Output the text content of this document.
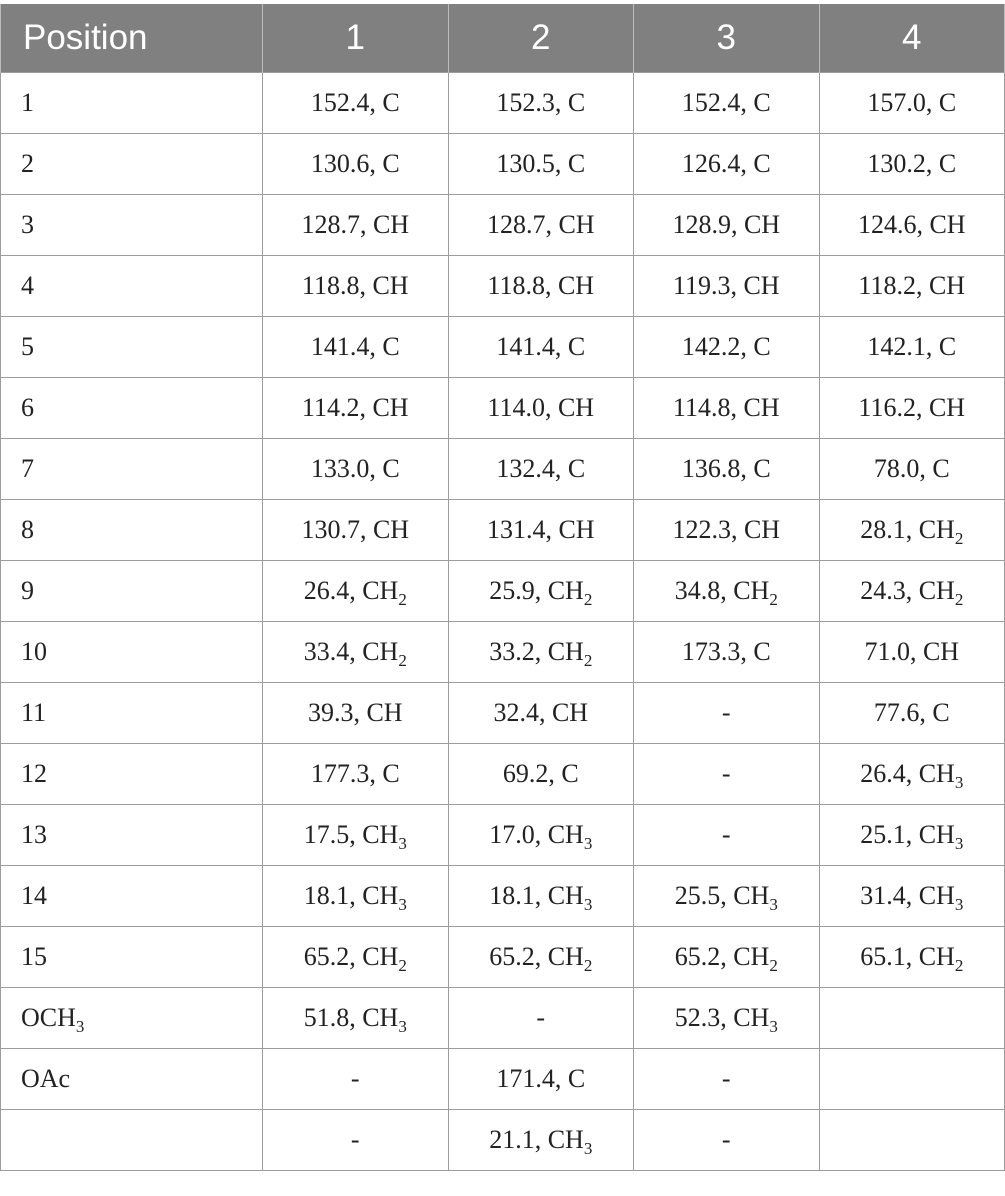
Position	1	2	3	4
1	152.4, C	152.3, C	152.4, C	157.0, C
2	130.6, C	130.5, C	126.4, C	130.2, C
3	128.7, CH	128.7, CH	128.9, CH	124.6, CH
4	118.8, CH	118.8, CH	119.3, CH	118.2, CH
5	141.4, C	141.4, C	142.2, C	142.1, C
6	114.2, CH	114.0, CH	114.8, CH	116.2, CH
7	133.0, C	132.4, C	136.8, C	78.0, C
8	130.7, CH	131.4, CH	122.3, CH	28.1, $CH_2$
9	26.4, $CH_2$	25.9, $CH_2$	34.8, $CH_2$	24.3, $CH_2$
10	33.4, $CH_2$	33.2, $CH_2$	173.3, C	71.0, CH
11	39.3, CH	32.4, CH	-	77.6, C
12	177.3, C	69.2, C	-	26.4, $CH_3$
13	17.5, $CH_3$	17.0, $CH_3$	-	25.1, $CH_3$
14	18.1, $CH_3$	18.1, $CH_3$	25.5, $CH_3$	31.4, $CH_3$
15	65.2, $CH_2$	65.2, $CH_2$	65.2, $CH_2$	65.1, $CH_2$
$OCH_3$	51.8, $CH_3$	-	52.3, $CH_3$	
OAc	-	171.4, C	-	
	-	21.1, $CH_3$	-	
